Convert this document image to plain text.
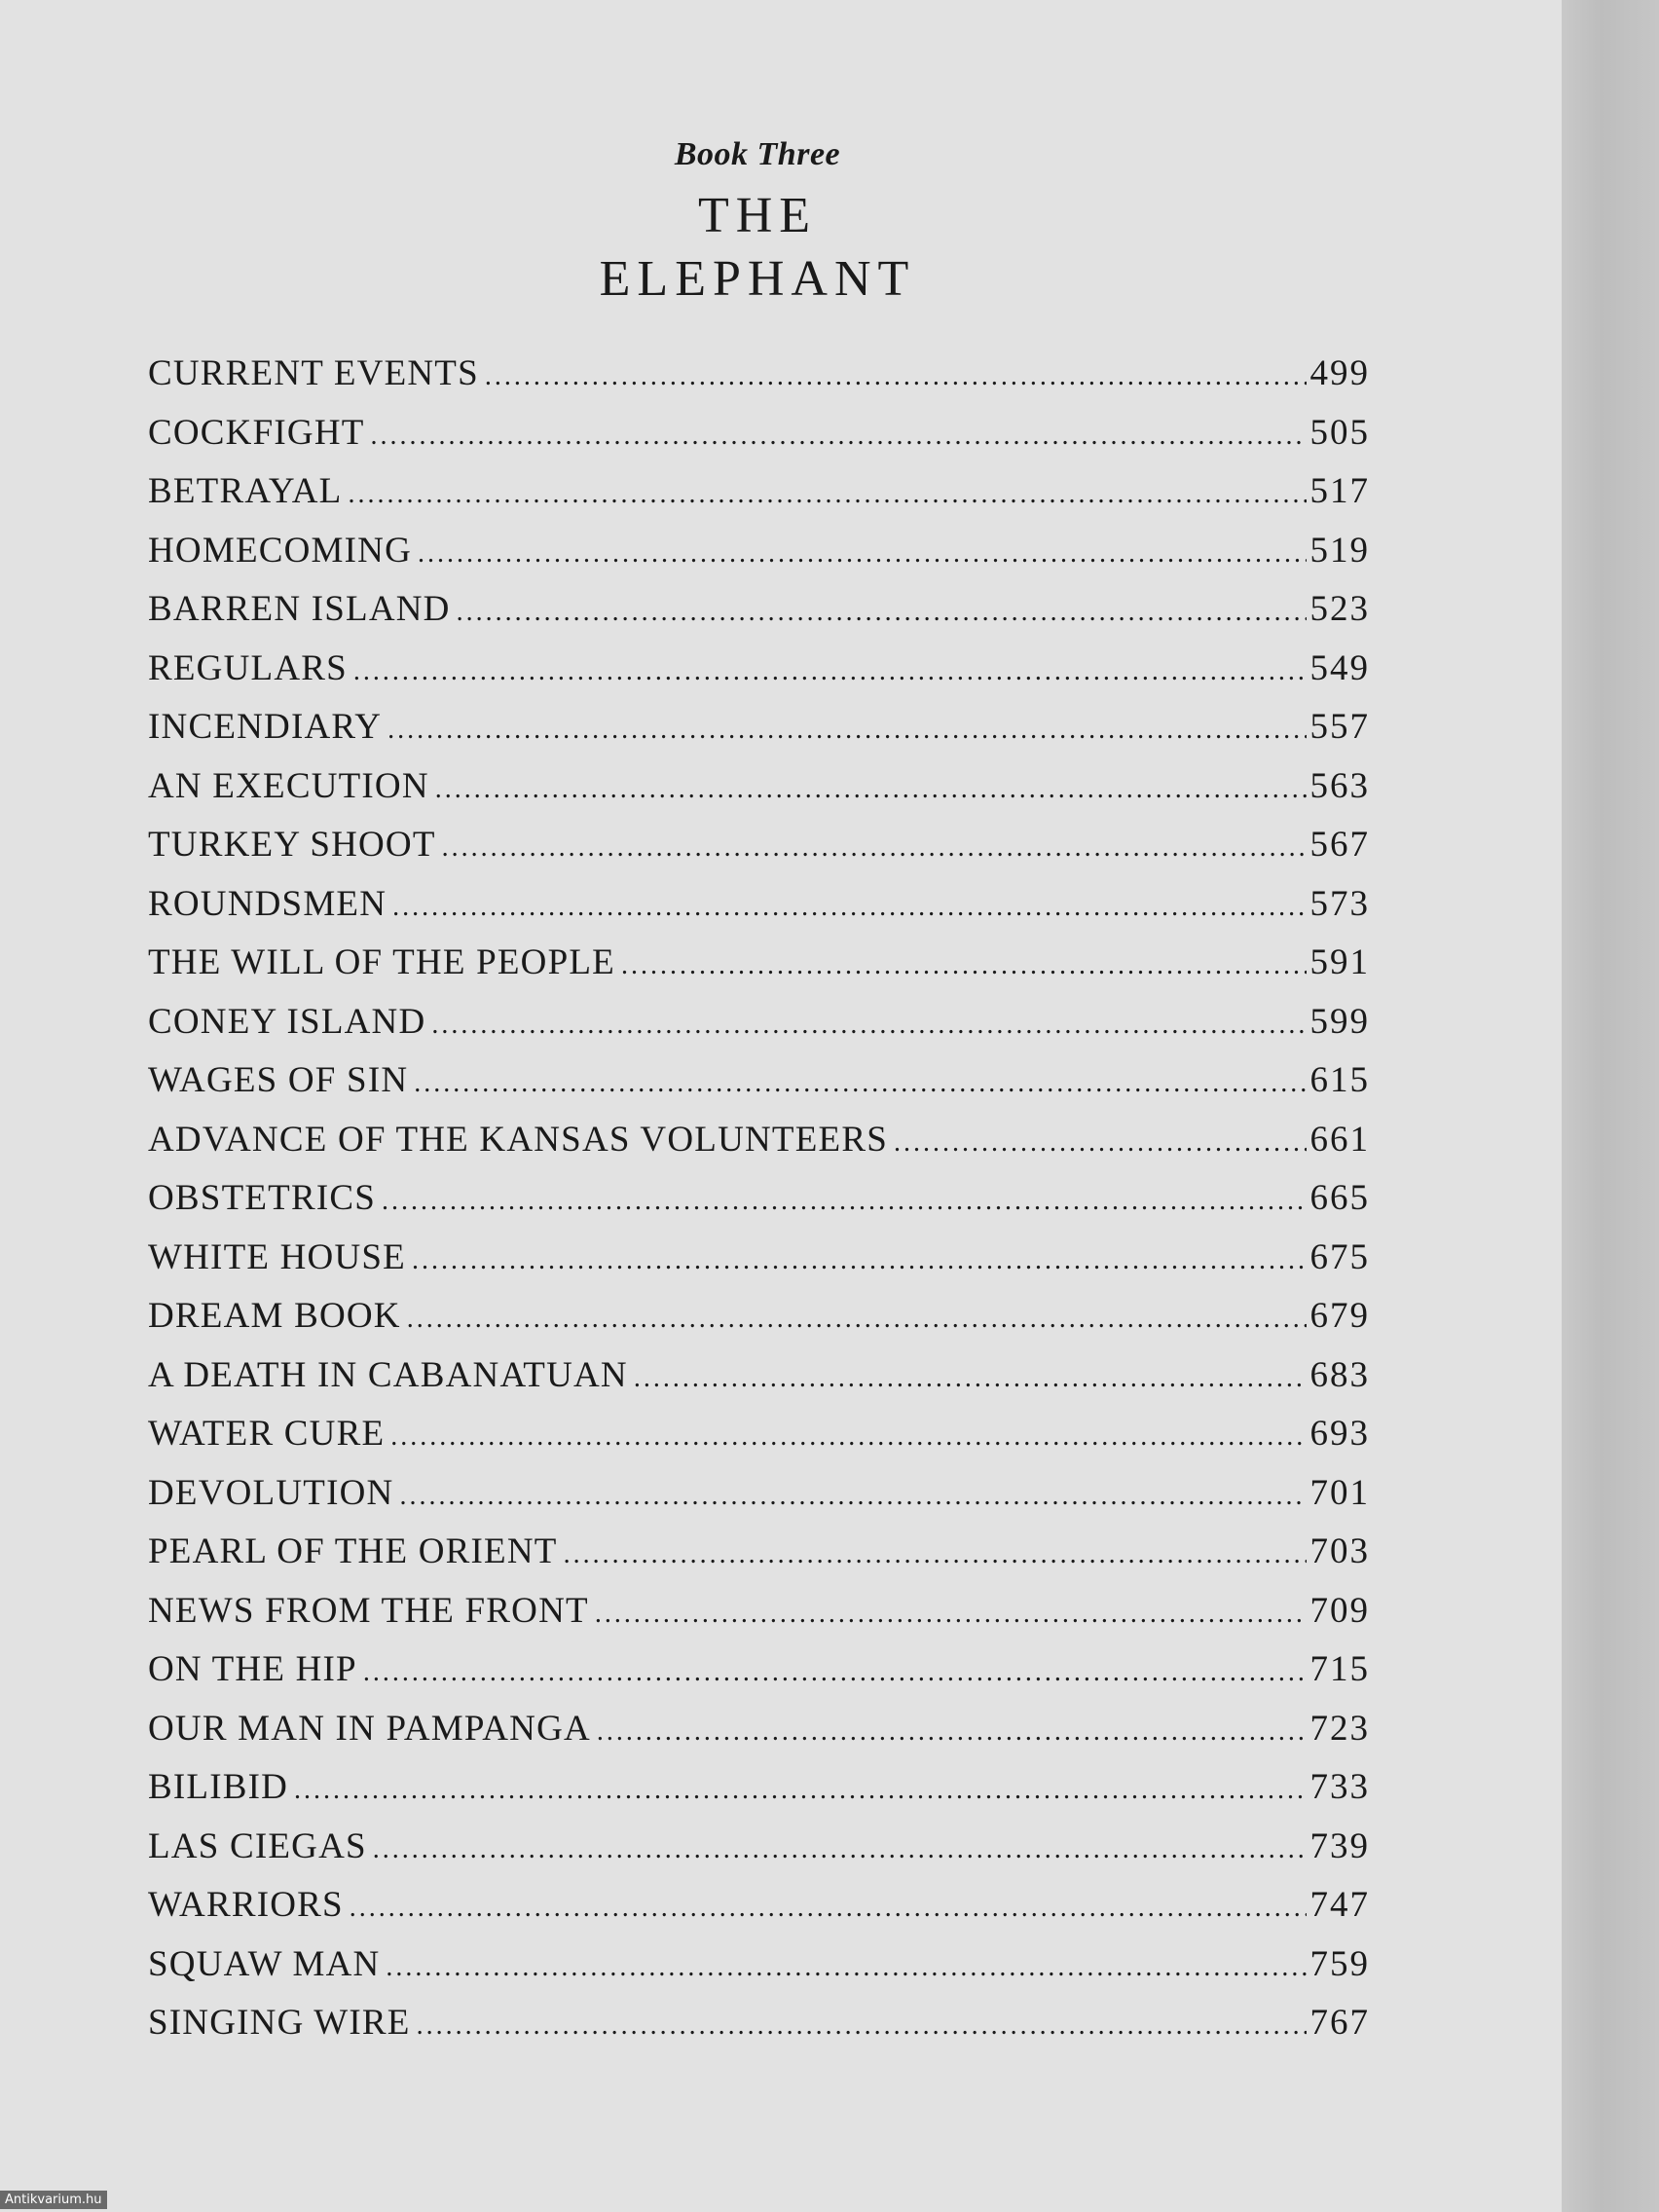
Book Three
THE
ELEPHANT
CURRENT EVENTS .....	499
COCKFIGHT .....	505
BETRAYAL .....	517
HOMECOMING .....	519
BARREN ISLAND .....	523
REGULARS .....	549
INCENDIARY .....	557
AN EXECUTION .....	563
TURKEY SHOOT .....	567
ROUNDSMEN .....	573
THE WILL OF THE PEOPLE .....	591
CONEY ISLAND .....	599
WAGES OF SIN .....	615
ADVANCE OF THE KANSAS VOLUNTEERS .....	661
OBSTETRICS .....	665
WHITE HOUSE .....	675
DREAM BOOK .....	679
A DEATH IN CABANATUAN .....	683
WATER CURE .....	693
DEVOLUTION .....	701
PEARL OF THE ORIENT .....	703
NEWS FROM THE FRONT .....	709
ON THE HIP .....	715
OUR MAN IN PAMPANGA .....	723
BILIBID .....	733
LAS CIEGAS .....	739
WARRIORS .....	747
SQUAW MAN .....	759
SINGING WIRE .....	767
Antikvarium.hu
